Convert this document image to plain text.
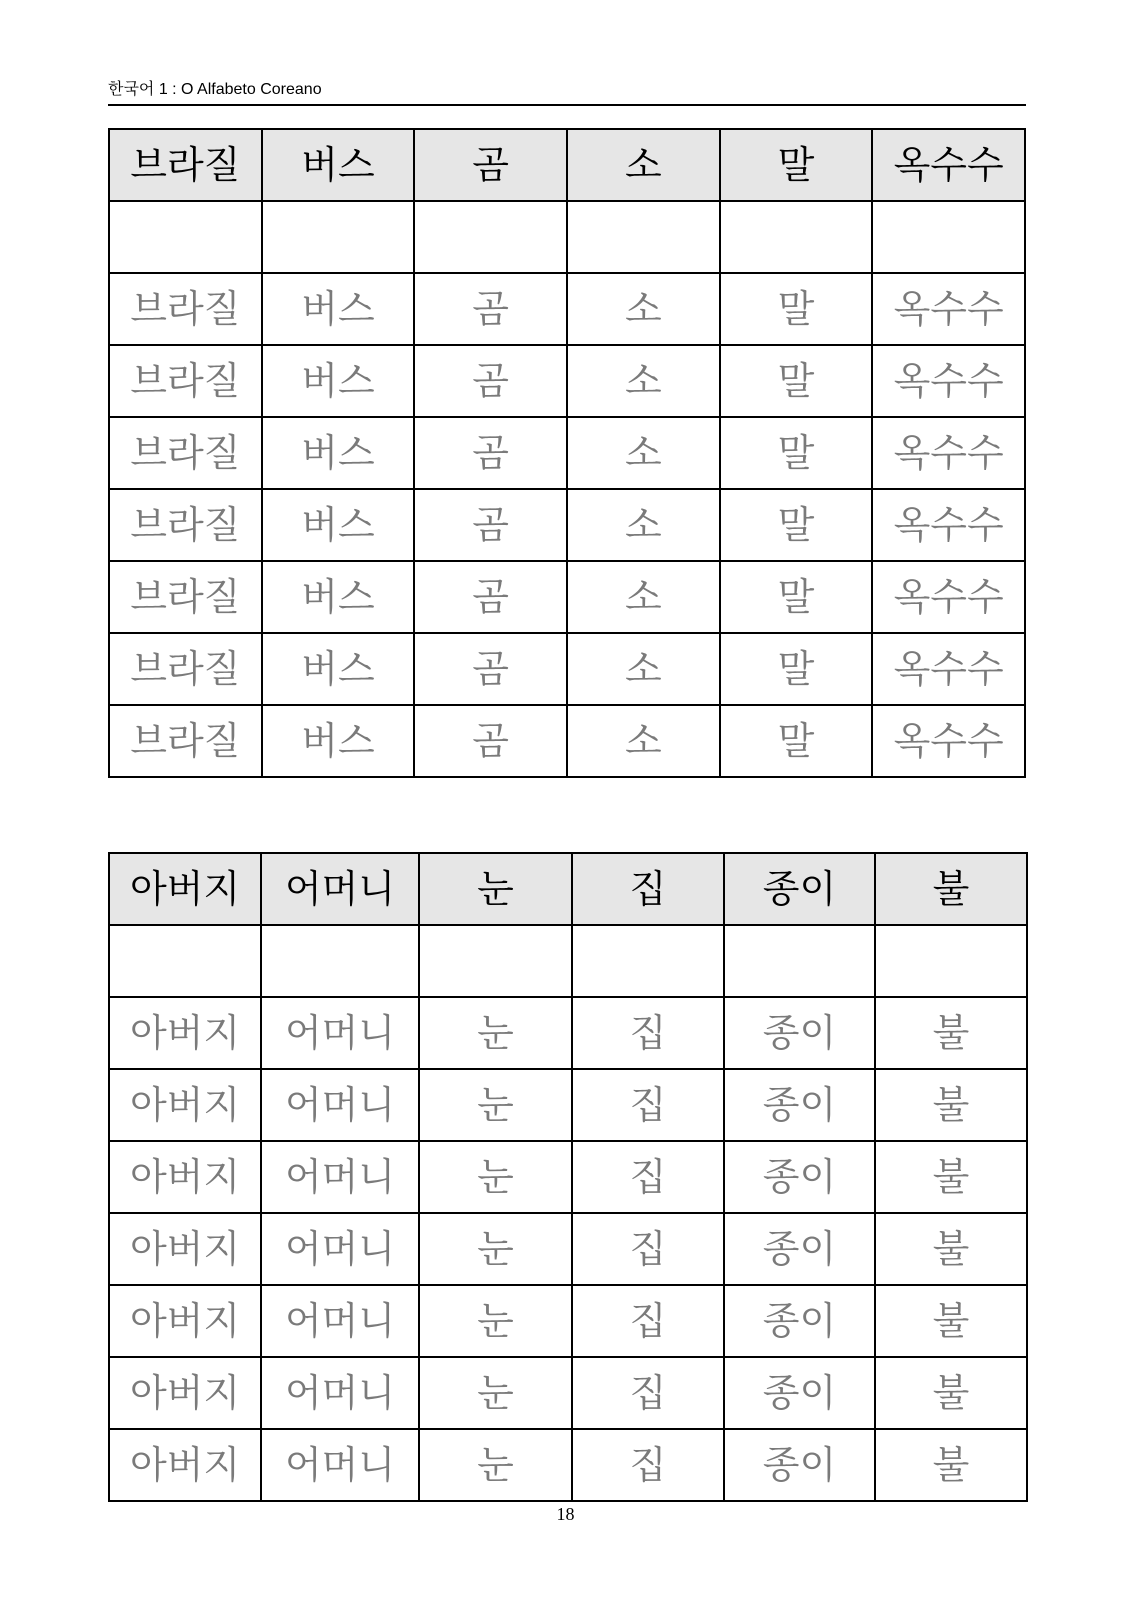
한국어 1 : O Alfabeto Coreano
브라질	버스	곰	소	말	옥수수

브라질	버스	곰	소	말	옥수수
브라질	버스	곰	소	말	옥수수
브라질	버스	곰	소	말	옥수수
브라질	버스	곰	소	말	옥수수
브라질	버스	곰	소	말	옥수수
브라질	버스	곰	소	말	옥수수
브라질	버스	곰	소	말	옥수수
아버지	어머니	눈	집	종이	불

아버지	어머니	눈	집	종이	불
아버지	어머니	눈	집	종이	불
아버지	어머니	눈	집	종이	불
아버지	어머니	눈	집	종이	불
아버지	어머니	눈	집	종이	불
아버지	어머니	눈	집	종이	불
아버지	어머니	눈	집	종이	불
18
